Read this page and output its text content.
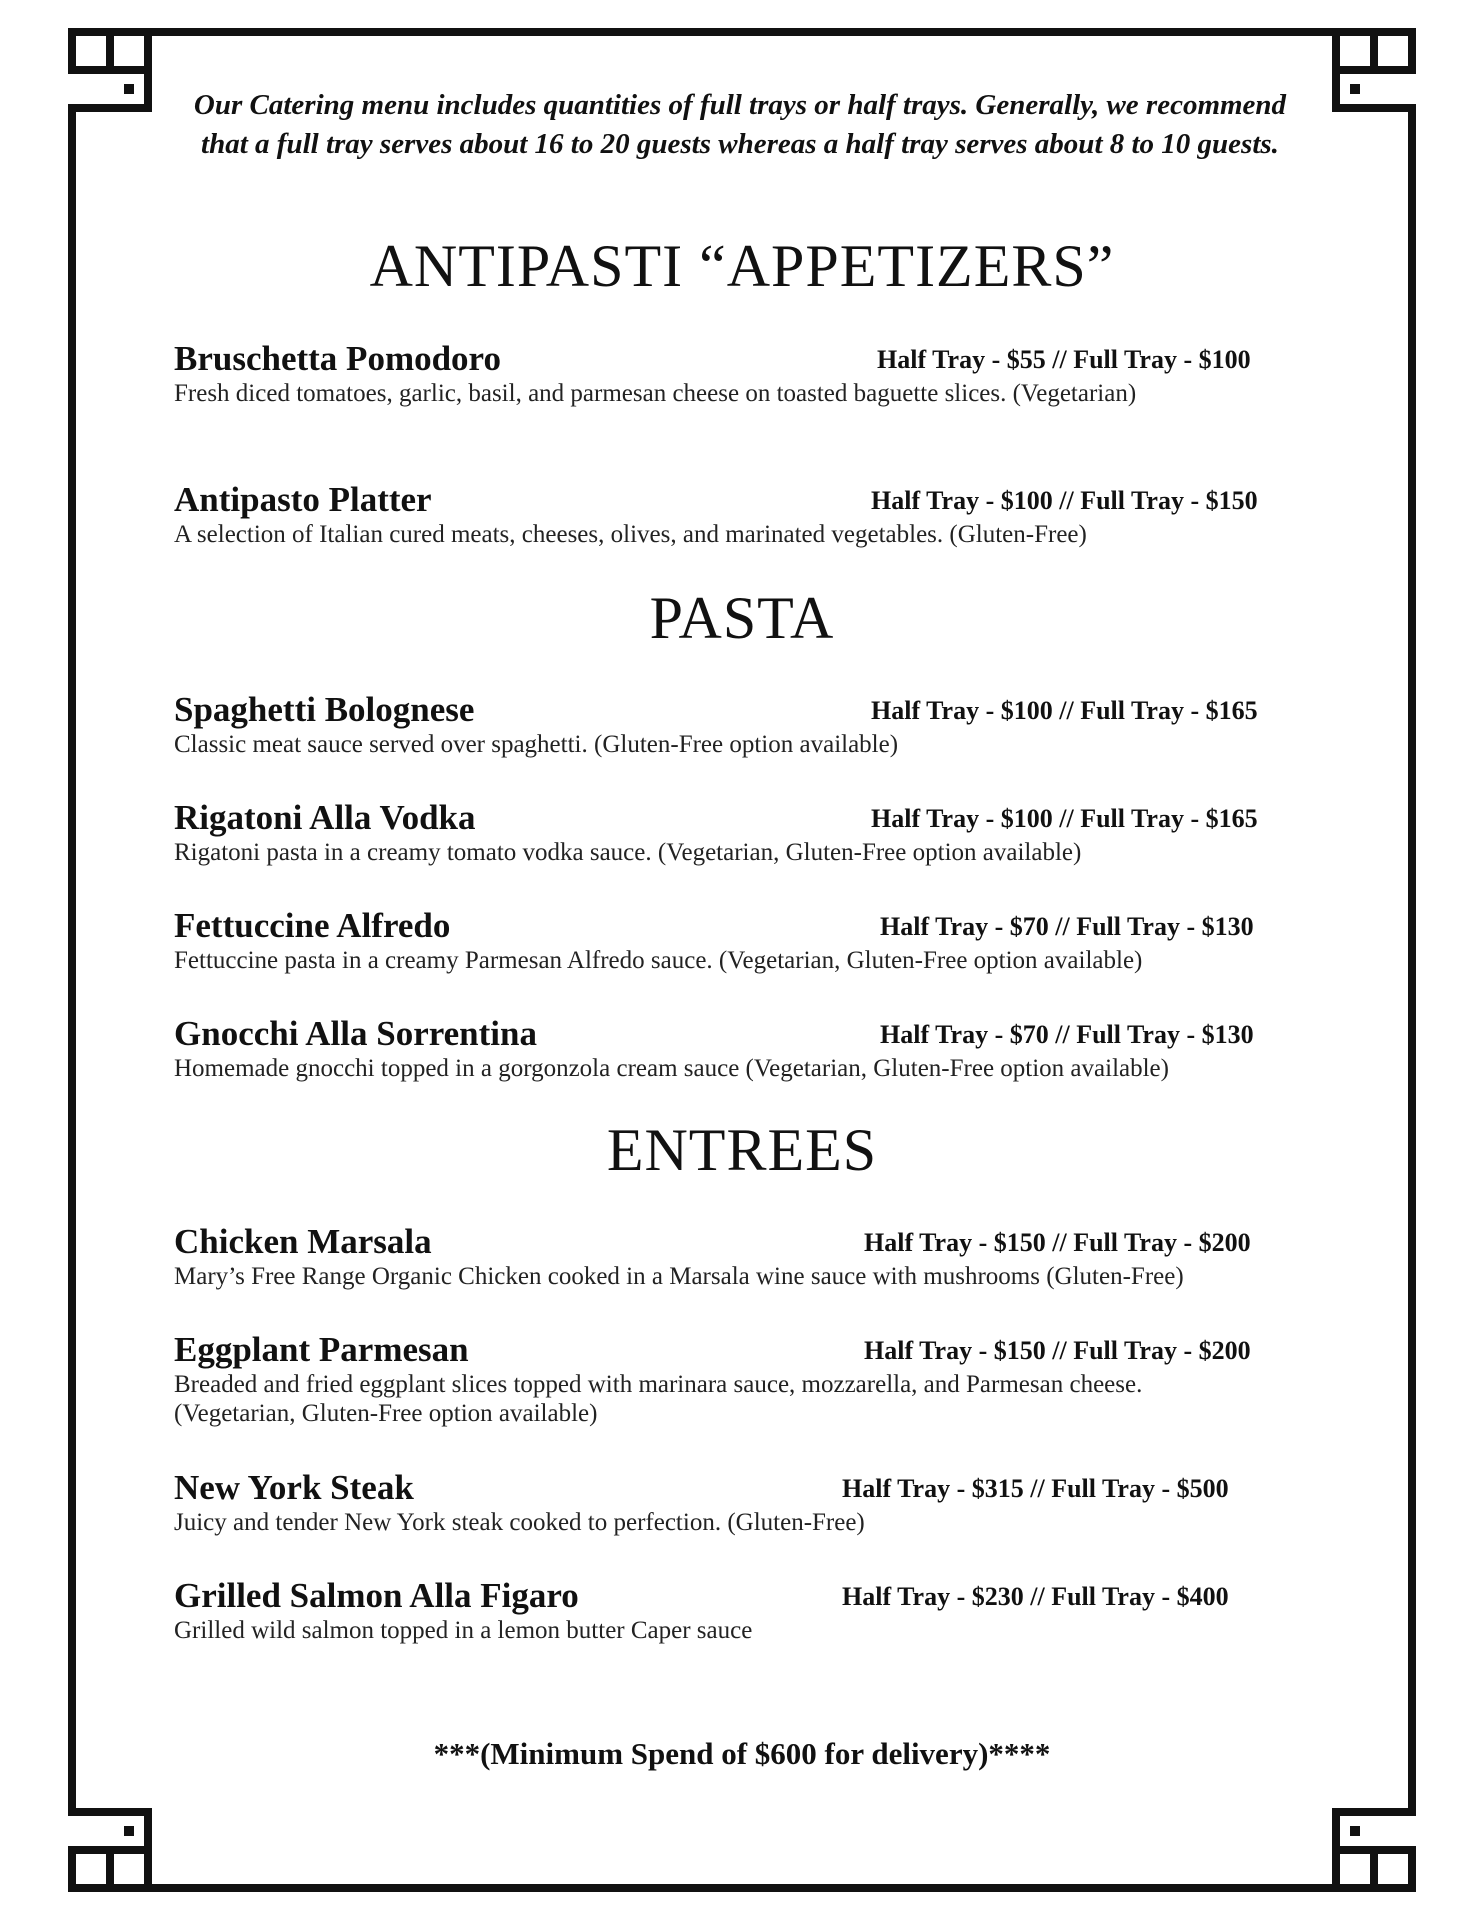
Our Catering menu includes quantities of full trays or half trays. Generally, we recommend that a full tray serves about 16 to 20 guests whereas a half tray serves about 8 to 10 guests.
ANTIPASTI “APPETIZERS”
Bruschetta Pomodoro	Half Tray - $55 // Full Tray - $100
Fresh diced tomatoes, garlic, basil, and parmesan cheese on toasted baguette slices. (Vegetarian)
Antipasto Platter	Half Tray - $100 // Full Tray - $150
A selection of Italian cured meats, cheeses, olives, and marinated vegetables. (Gluten-Free)
PASTA
Spaghetti Bolognese	Half Tray - $100 // Full Tray - $165
Classic meat sauce served over spaghetti. (Gluten-Free option available)
Rigatoni Alla Vodka	Half Tray - $100 // Full Tray - $165
Rigatoni pasta in a creamy tomato vodka sauce. (Vegetarian, Gluten-Free option available)
Fettuccine Alfredo	Half Tray - $70 // Full Tray - $130
Fettuccine pasta in a creamy Parmesan Alfredo sauce. (Vegetarian, Gluten-Free option available)
Gnocchi Alla Sorrentina	Half Tray - $70 // Full Tray - $130
Homemade gnocchi topped in a gorgonzola cream sauce (Vegetarian, Gluten-Free option available)
ENTREES
Chicken Marsala	Half Tray - $150 // Full Tray - $200
Mary’s Free Range Organic Chicken cooked in a Marsala wine sauce with mushrooms (Gluten-Free)
Eggplant Parmesan	Half Tray - $150 // Full Tray - $200
Breaded and fried eggplant slices topped with marinara sauce, mozzarella, and Parmesan cheese.
(Vegetarian, Gluten-Free option available)
New York Steak	Half Tray - $315 // Full Tray - $500
Juicy and tender New York steak cooked to perfection. (Gluten-Free)
Grilled Salmon Alla Figaro	Half Tray - $230 // Full Tray - $400
Grilled wild salmon topped in a lemon butter Caper sauce
***(Minimum Spend of $600 for delivery)****
